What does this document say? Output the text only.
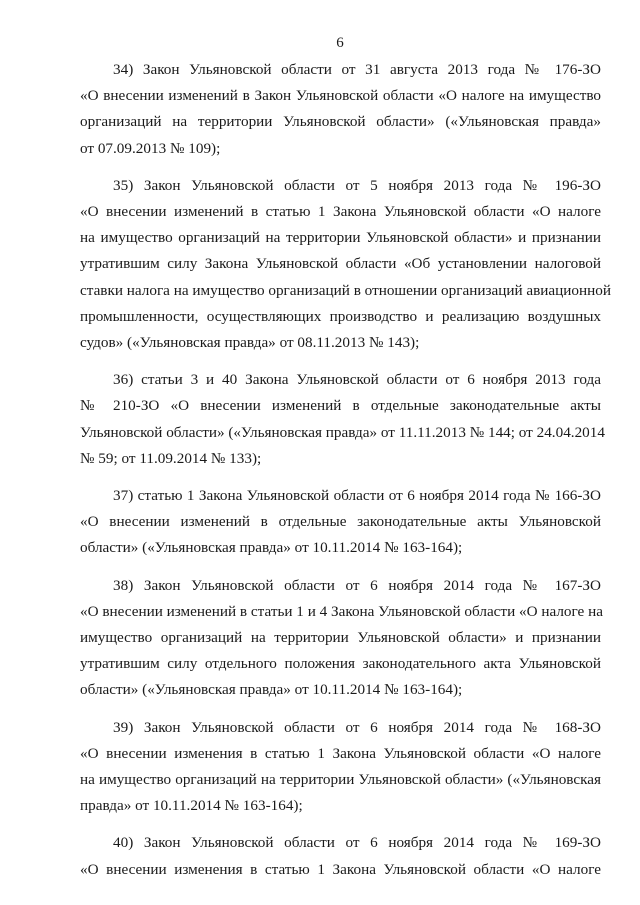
6
34) Закон Ульяновской области от 31 августа 2013 года № 176-ЗО
«О внесении изменений в Закон Ульяновской области «О налоге на имущество
организаций на территории Ульяновской области» («Ульяновская правда»
от 07.09.2013 № 109);
35) Закон Ульяновской области от 5 ноября 2013 года № 196-ЗО
«О внесении изменений в статью 1 Закона Ульяновской области «О налоге
на имущество организаций на территории Ульяновской области» и признании
утратившим силу Закона Ульяновской области «Об установлении налоговой
ставки налога на имущество организаций в отношении организаций авиационной
промышленности, осуществляющих производство и реализацию воздушных
судов» («Ульяновская правда» от 08.11.2013 № 143);
36) статьи 3 и 40 Закона Ульяновской области от 6 ноября 2013 года
№ 210-ЗО «О внесении изменений в отдельные законодательные акты
Ульяновской области» («Ульяновская правда» от 11.11.2013 № 144; от 24.04.2014
№ 59; от 11.09.2014 № 133);
37) статью 1 Закона Ульяновской области от 6 ноября 2014 года № 166-ЗО
«О внесении изменений в отдельные законодательные акты Ульяновской
области» («Ульяновская правда» от 10.11.2014 № 163-164);
38) Закон Ульяновской области от 6 ноября 2014 года № 167-ЗО
«О внесении изменений в статьи 1 и 4 Закона Ульяновской области «О налоге на
имущество организаций на территории Ульяновской области» и признании
утратившим силу отдельного положения законодательного акта Ульяновской
области» («Ульяновская правда» от 10.11.2014 № 163-164);
39) Закон Ульяновской области от 6 ноября 2014 года № 168-ЗО
«О внесении изменения в статью 1 Закона Ульяновской области «О налоге
на имущество организаций на территории Ульяновской области» («Ульяновская
правда» от 10.11.2014 № 163-164);
40) Закон Ульяновской области от 6 ноября 2014 года № 169-ЗО
«О внесении изменения в статью 1 Закона Ульяновской области «О налоге
